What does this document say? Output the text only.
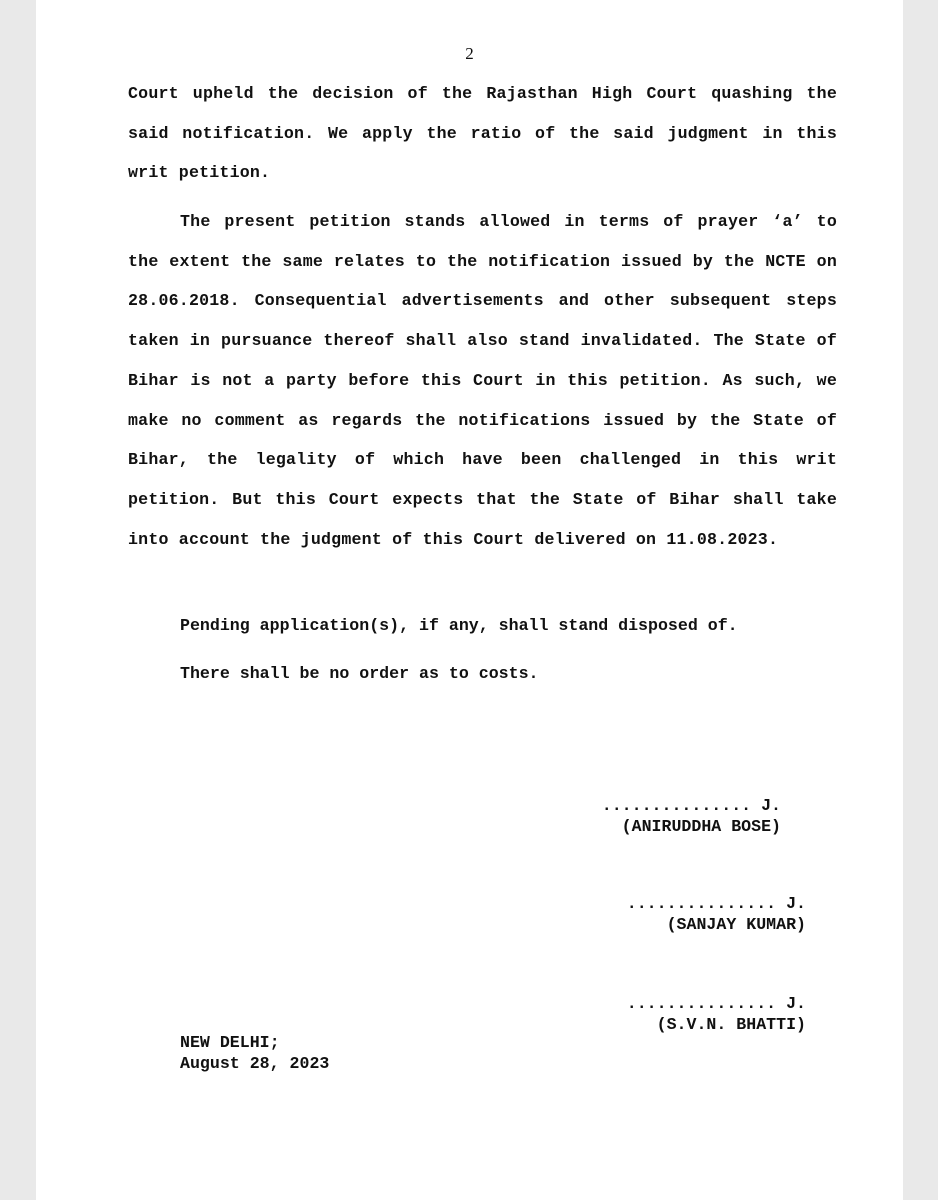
2
Court upheld the decision of the Rajasthan High Court quashing the said notification. We apply the ratio of the said judgment in this writ petition.
The present petition stands allowed in terms of prayer ‘a’ to the extent the same relates to the notification issued by the NCTE on 28.06.2018. Consequential advertisements and other subsequent steps taken in pursuance thereof shall also stand invalidated. The State of Bihar is not a party before this Court in this petition. As such, we make no comment as regards the notifications issued by the State of Bihar, the legality of which have been challenged in this writ petition. But this Court expects that the State of Bihar shall take into account the judgment of this Court delivered on 11.08.2023.
Pending application(s), if any, shall stand disposed of.
There shall be no order as to costs.
............... J.
(ANIRUDDHA BOSE)
............... J.
(SANJAY KUMAR)
............... J.
(S.V.N. BHATTI)
NEW DELHI;
August 28, 2023
